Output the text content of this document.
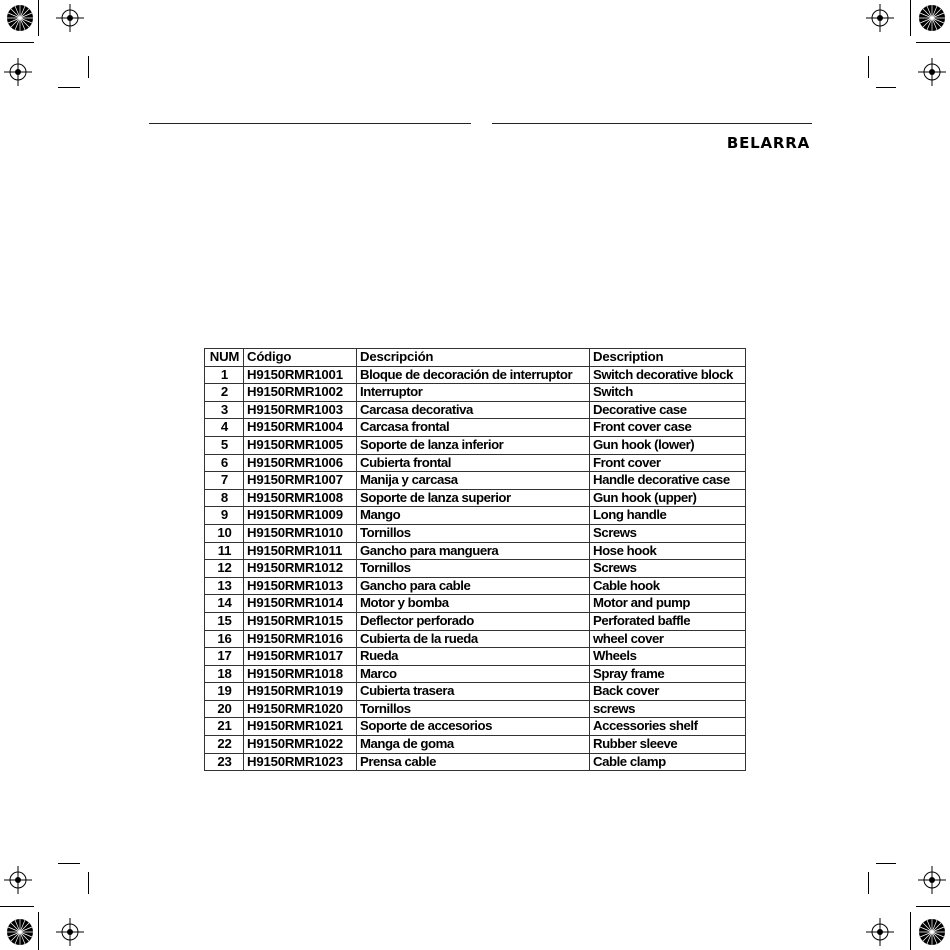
BELARRA
NUM	Código	Descripción	Description
1	H9150RMR1001	Bloque de decoración de interruptor	Switch decorative block
2	H9150RMR1002	Interruptor	Switch
3	H9150RMR1003	Carcasa decorativa	Decorative case
4	H9150RMR1004	Carcasa frontal	Front cover case
5	H9150RMR1005	Soporte de lanza inferior	Gun hook (lower)
6	H9150RMR1006	Cubierta frontal	Front cover
7	H9150RMR1007	Manija y carcasa	Handle decorative case
8	H9150RMR1008	Soporte de lanza superior	Gun hook (upper)
9	H9150RMR1009	Mango	Long handle
10	H9150RMR1010	Tornillos	Screws
11	H9150RMR1011	Gancho para manguera	Hose hook
12	H9150RMR1012	Tornillos	Screws
13	H9150RMR1013	Gancho para cable	Cable hook
14	H9150RMR1014	Motor y bomba	Motor and pump
15	H9150RMR1015	Deflector perforado	Perforated baffle
16	H9150RMR1016	Cubierta de la rueda	wheel cover
17	H9150RMR1017	Rueda	Wheels
18	H9150RMR1018	Marco	Spray frame
19	H9150RMR1019	Cubierta trasera	Back cover
20	H9150RMR1020	Tornillos	screws
21	H9150RMR1021	Soporte de accesorios	Accessories shelf
22	H9150RMR1022	Manga de goma	Rubber sleeve
23	H9150RMR1023	Prensa cable	Cable clamp
